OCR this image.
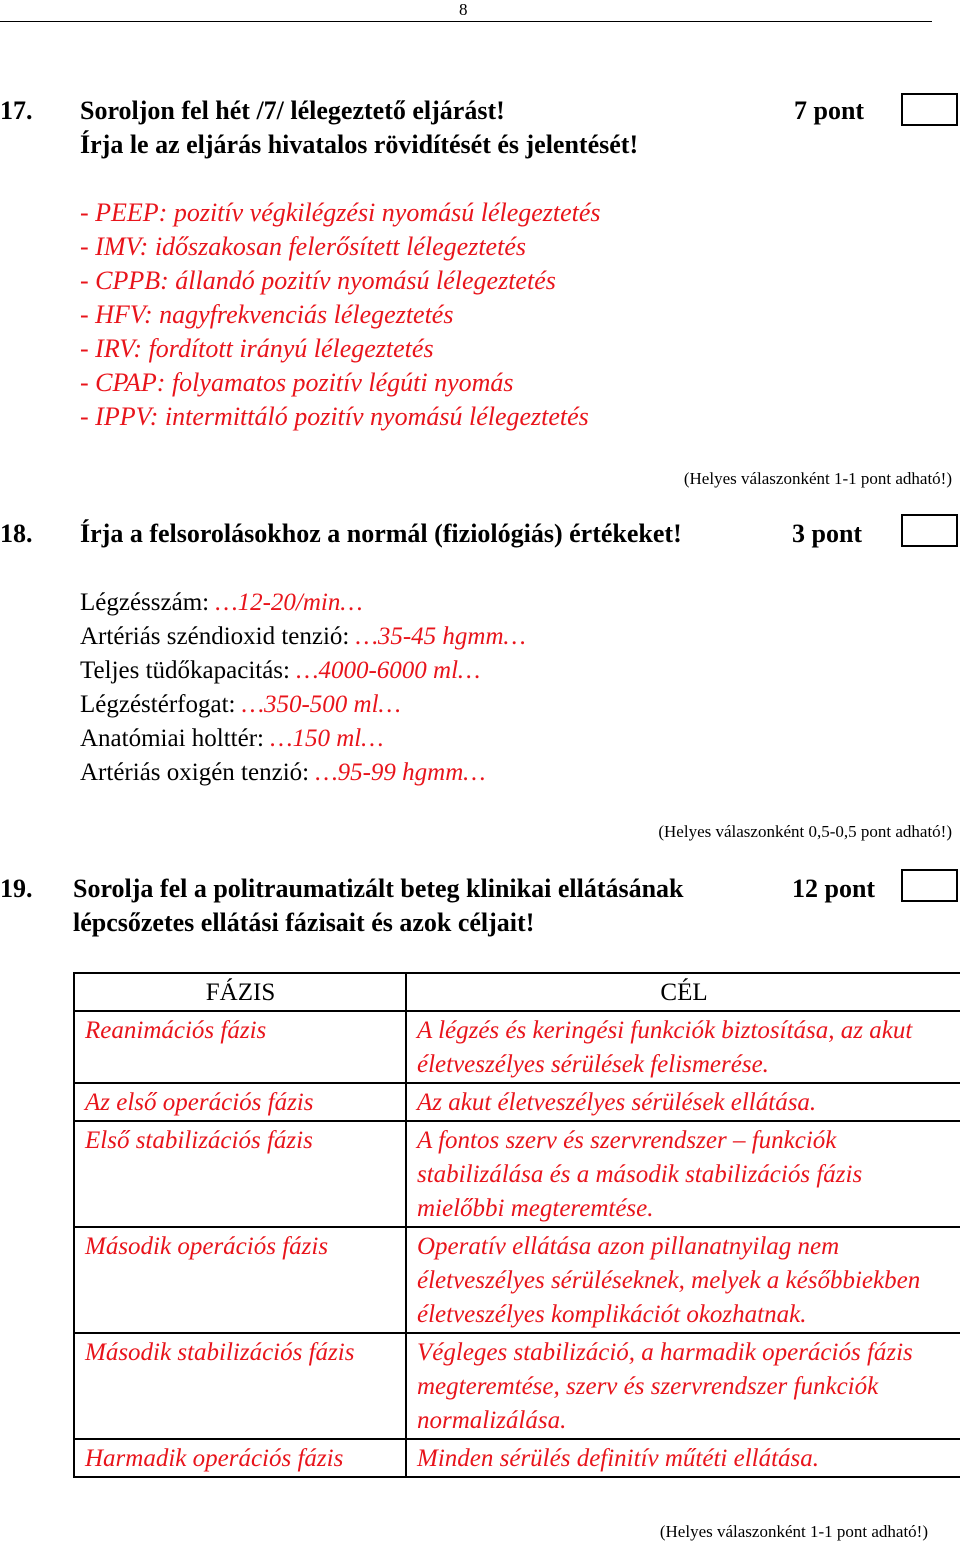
8
17. Soroljon fel hét /7/ lélegeztető eljárást!
Írja le az eljárás hivatalos rövidítését és jelentését!
7 pont
- PEEP: pozitív végkilégzési nyomású lélegeztetés
- IMV: időszakosan felerősített lélegeztetés
- CPPB: állandó pozitív nyomású lélegeztetés
- HFV: nagyfrekvenciás lélegeztetés
- IRV: fordított irányú lélegeztetés
- CPAP: folyamatos pozitív légúti nyomás
- IPPV: intermittáló pozitív nyomású lélegeztetés
(Helyes válaszonként 1-1 pont adható!)
18. Írja a felsorolásokhoz a normál (fiziológiás) értékeket!	3 pont
Légzésszám: …12-20/min…
Artériás széndioxid tenzió: …35-45 hgmm…
Teljes tüdőkapacitás: …4000-6000 ml…
Légzéstérfogat: …350-500 ml…
Anatómiai holttér: …150 ml…
Artériás oxigén tenzió: …95-99 hgmm…
(Helyes válaszonként 0,5-0,5 pont adható!)
19. Sorolja fel a politraumatizált beteg klinikai ellátásának
lépcsőzetes ellátási fázisait és azok céljait!
12 pont
FÁZIS	CÉL
Reanimációs fázis	A légzés és keringési funkciók biztosítása, az akut életveszélyes sérülések felismerése.
Az első operációs fázis	Az akut életveszélyes sérülések ellátása.
Első stabilizációs fázis	A fontos szerv és szervrendszer – funkciók stabilizálása és a második stabilizációs fázis mielőbbi megteremtése.
Második operációs fázis	Operatív ellátása azon pillanatnyilag nem életveszélyes sérüléseknek, melyek a későbbiekben életveszélyes komplikációt okozhatnak.
Második stabilizációs fázis	Végleges stabilizáció, a harmadik operációs fázis megteremtése, szerv és szervrendszer funkciók normalizálása.
Harmadik operációs fázis	Minden sérülés definitív műtéti ellátása.
(Helyes válaszonként 1-1 pont adható!)
